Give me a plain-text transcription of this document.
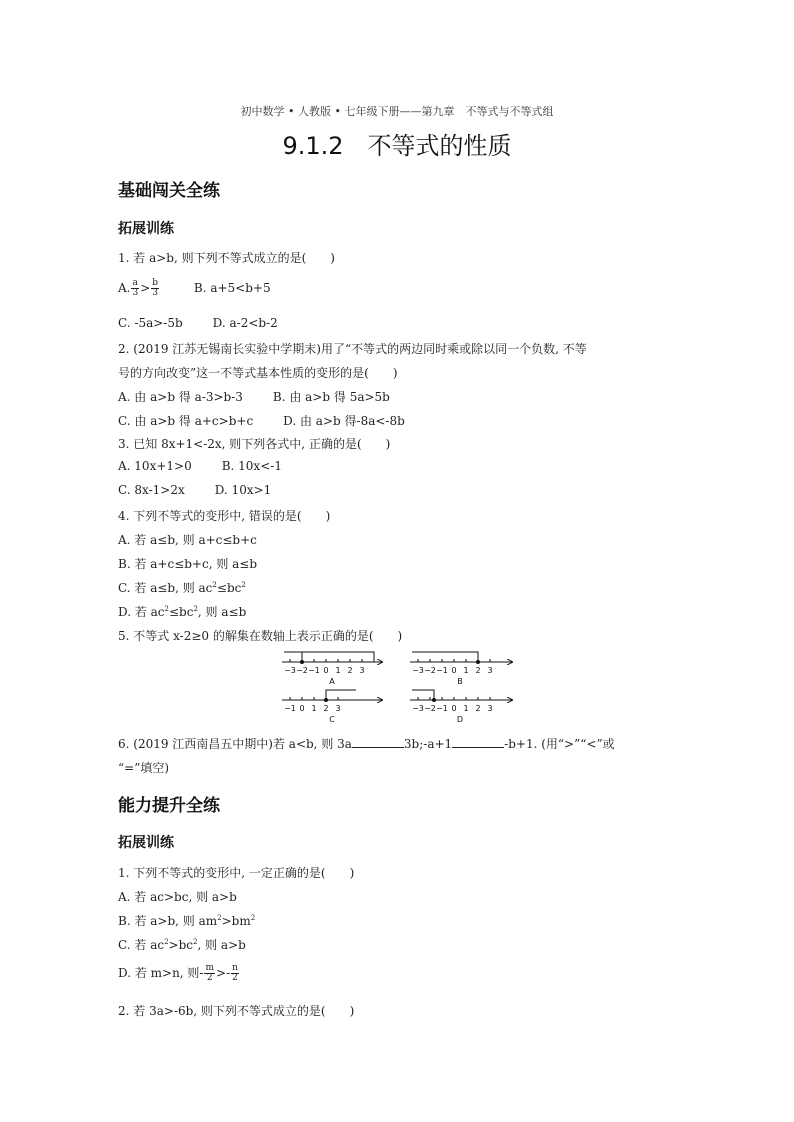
初中数学 • 人教版 • 七年级下册——第九章　不等式与不等式组
9.1.2　不等式的性质
基础闯关全练
拓展训练
1. 若 a>b, 则下列不等式成立的是(　　)
A. $\frac{a}{3} > \frac{b}{3}$	B. a+5<b+5
C. -5a>-5b	D. a-2<b-2
2. (2019 江苏无锡南长实验中学期末)用了“不等式的两边同时乘或除以同一个负数, 不等
号的方向改变”这一不等式基本性质的变形的是(　　)
A. 由 a>b 得 a-3>b-3	B. 由 a>b 得 5a>5b
C. 由 a>b 得 a+c>b+c	D. 由 a>b 得-8a<-8b
3. 已知 8x+1<-2x, 则下列各式中, 正确的是(　　)
A. 10x+1>0	B. 10x<-1
C. 8x-1>2x	D. 10x>1
4. 下列不等式的变形中, 错误的是(　　)
A. 若 a≤b, 则 a+c≤b+c
B. 若 a+c≤b+c, 则 a≤b
C. 若 a≤b, 则 $ac^2\le bc^2$
D. 若 $ac^2\le bc^2$, 则 a≤b
5. 不等式 x-2≥0 的解集在数轴上表示正确的是(　　)
−3 −2 −1 0 1 2 3
A
−3 −2 −1 0 1 2 3
B
−1 0 1 2 3
C
−3 −2 −1 0 1 2 3
D
6. (2019 江西南昌五中期中)若 a<b, 则 3a	3b;-a+1	-b+1. (用“>”“<”或
“=”填空)
能力提升全练
拓展训练
1. 下列不等式的变形中, 一定正确的是(　　)
A. 若 ac>bc, 则 a>b
B. 若 a>b, 则 $am^2>bm^2$
C. 若 $ac^2>bc^2$, 则 a>b
D. 若 m>n, 则- $\frac{m}{2} >- \frac{n}{2}$
2. 若 3a>-6b, 则下列不等式成立的是(　　)
